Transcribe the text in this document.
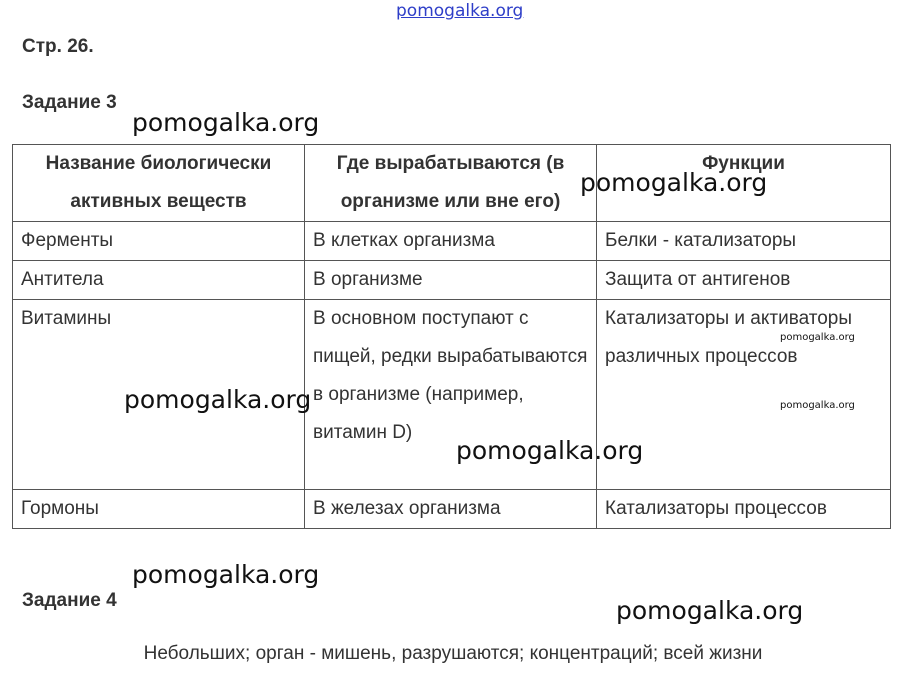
pomogalka.org
Стр. 26.
Задание 3
Название биологически активных веществ	Где вырабатываются (в организме или вне его)	Функции
Ферменты	В клетках организма	Белки - катализаторы
Антитела	В организме	Защита от антигенов
Витамины	В основном поступают с пищей, редки вырабатываются в организме (например, витамин D)	Катализаторы и активаторы различных процессов
Гормоны	В железах организма	Катализаторы процессов
pomogalka.org
pomogalka.org
pomogalka.org
pomogalka.org
pomogalka.org
pomogalka.org
pomogalka.org
pomogalka.org
Задание 4
Небольших; орган - мишень, разрушаются; концентраций; всей жизни
